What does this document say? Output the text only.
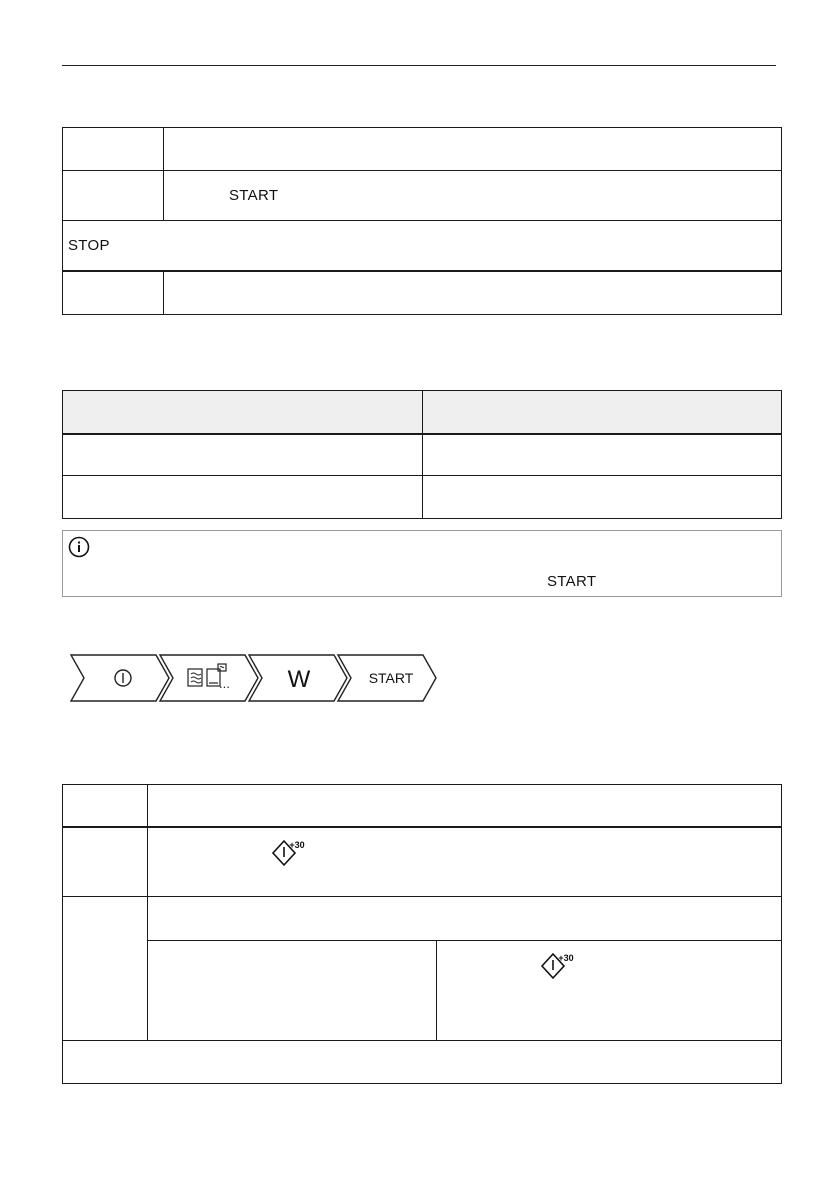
START
STOP
START
... W	START
+30
+30
